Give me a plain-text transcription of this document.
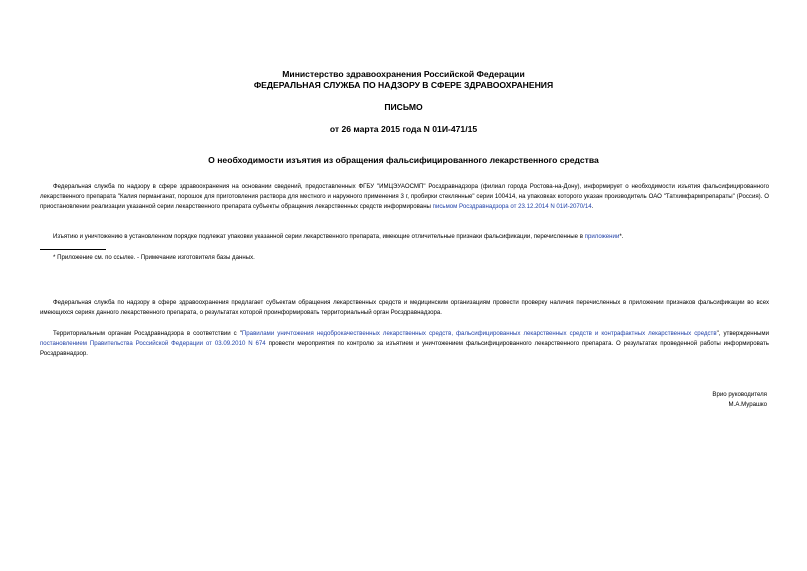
Министерство здравоохранения Российской Федерации
ФЕДЕРАЛЬНАЯ СЛУЖБА ПО НАДЗОРУ В СФЕРЕ ЗДРАВООХРАНЕНИЯ
ПИСЬМО
от 26 марта 2015 года N 01И-471/15
О необходимости изъятия из обращения фальсифицированного лекарственного средства
Федеральная служба по надзору в сфере здравоохранения на основании сведений, предоставленных ФГБУ "ИМЦЭУАОСМП" Росздравнадзора (филиал города Ростова-на-Дону), информирует о необходимости изъятия фальсифицированного лекарственного препарата "Калия перманганат, порошок для приготовления раствора для местного и наружного применения 3 г, пробирки стеклянные" серии 100414, на упаковках которого указан производитель ОАО "Татхимфармпрепараты" (Россия). О приостановлении реализации указанной серии лекарственного препарата субъекты обращения лекарственных средств информированы письмом Росздравнадзора от 23.12.2014 N 01И-2070/14.
Изъятию и уничтожению в установленном порядке подлежат упаковки указанной серии лекарственного препарата, имеющие отличительные признаки фальсификации, перечисленные в приложении*.
* Приложение см. по ссылке. - Примечание изготовителя базы данных.
Федеральная служба по надзору в сфере здравоохранения предлагает субъектам обращения лекарственных средств и медицинским организациям провести проверку наличия перечисленных в приложении признаков фальсификации во всех имеющихся сериях данного лекарственного препарата, о результатах которой проинформировать территориальный орган Росздравнадзора.
Территориальным органам Росздравнадзора в соответствии с "Правилами уничтожения недоброкачественных лекарственных средств, фальсифицированных лекарственных средств и контрафактных лекарственных средств", утвержденными постановлением Правительства Российской Федерации от 03.09.2010 N 674 провести мероприятия по контролю за изъятием и уничтожением фальсифицированного лекарственного препарата. О результатах проведенной работы информировать Росздравнадзор.
Врио руководителя
М.А.Мурашко
